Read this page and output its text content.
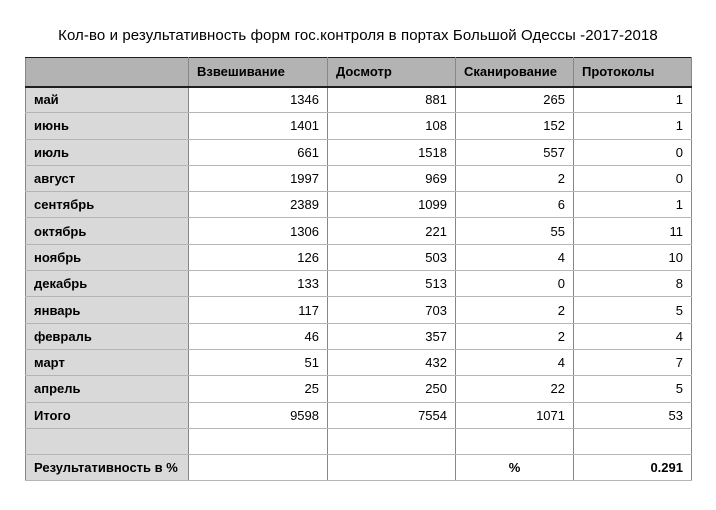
Кол-во и результативность форм гос.контроля в портах Большой Одессы -2017-2018
	Взвешивание	Досмотр	Сканирование	Протоколы
май	1346	881	265	1
июнь	1401	108	152	1
июль	661	1518	557	0
август	1997	969	2	0
сентябрь	2389	1099	6	1
октябрь	1306	221	55	11
ноябрь	126	503	4	10
декабрь	133	513	0	8
январь	117	703	2	5
февраль	46	357	2	4
март	51	432	4	7
апрель	25	250	22	5
Итого	9598	7554	1071	53

Результативность в %			%	0.291
